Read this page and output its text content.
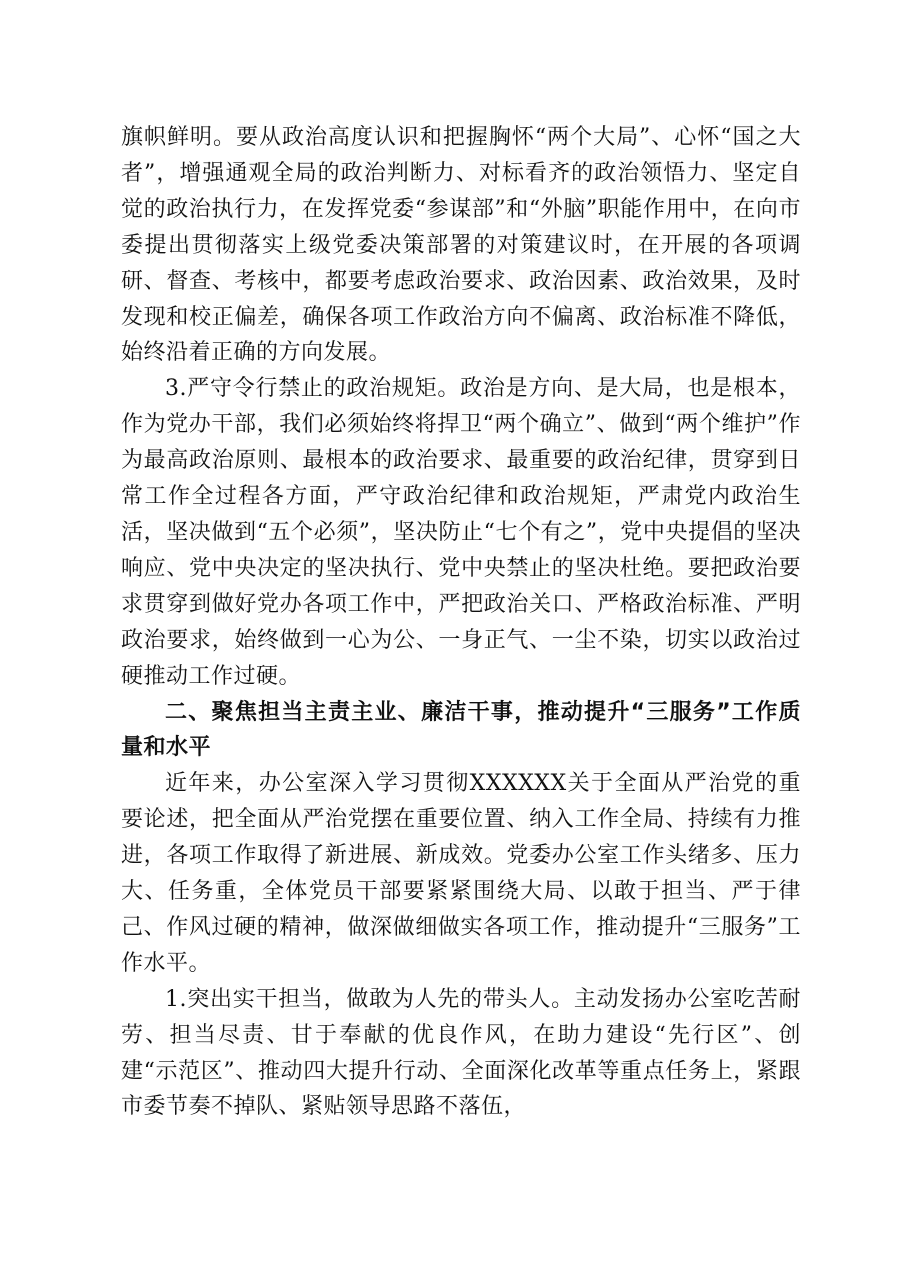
旗帜鲜明。要从政治高度认识和把握胸怀“两个大局”、心怀“国之大者”，增强通观全局的政治判断力、对标看齐的政治领悟力、坚定自觉的政治执行力，在发挥党委“参谋部”和“外脑”职能作用中，在向市委提出贯彻落实上级党委决策部署的对策建议时，在开展的各项调研、督查、考核中，都要考虑政治要求、政治因素、政治效果，及时发现和校正偏差，确保各项工作政治方向不偏离、政治标准不降低，始终沿着正确的方向发展。

3.严守令行禁止的政治规矩。政治是方向、是大局，也是根本，作为党办干部，我们必须始终将捍卫“两个确立”、做到“两个维护”作为最高政治原则、最根本的政治要求、最重要的政治纪律，贯穿到日常工作全过程各方面，严守政治纪律和政治规矩，严肃党内政治生活，坚决做到“五个必须”，坚决防止“七个有之”，党中央提倡的坚决响应、党中央决定的坚决执行、党中央禁止的坚决杜绝。要把政治要求贯穿到做好党办各项工作中，严把政治关口、严格政治标准、严明政治要求，始终做到一心为公、一身正气、一尘不染，切实以政治过硬推动工作过硬。

二、聚焦担当主责主业、廉洁干事，推动提升“三服务”工作质量和水平

近年来，办公室深入学习贯彻XXXXXX关于全面从严治党的重要论述，把全面从严治党摆在重要位置、纳入工作全局、持续有力推进，各项工作取得了新进展、新成效。党委办公室工作头绪多、压力大、任务重，全体党员干部要紧紧围绕大局、以敢于担当、严于律己、作风过硬的精神，做深做细做实各项工作，推动提升“三服务”工作水平。

1.突出实干担当，做敢为人先的带头人。主动发扬办公室吃苦耐劳、担当尽责、甘于奉献的优良作风，在助力建设“先行区”、创建“示范区”、推动四大提升行动、全面深化改革等重点任务上，紧跟市委节奏不掉队、紧贴领导思路不落伍，
